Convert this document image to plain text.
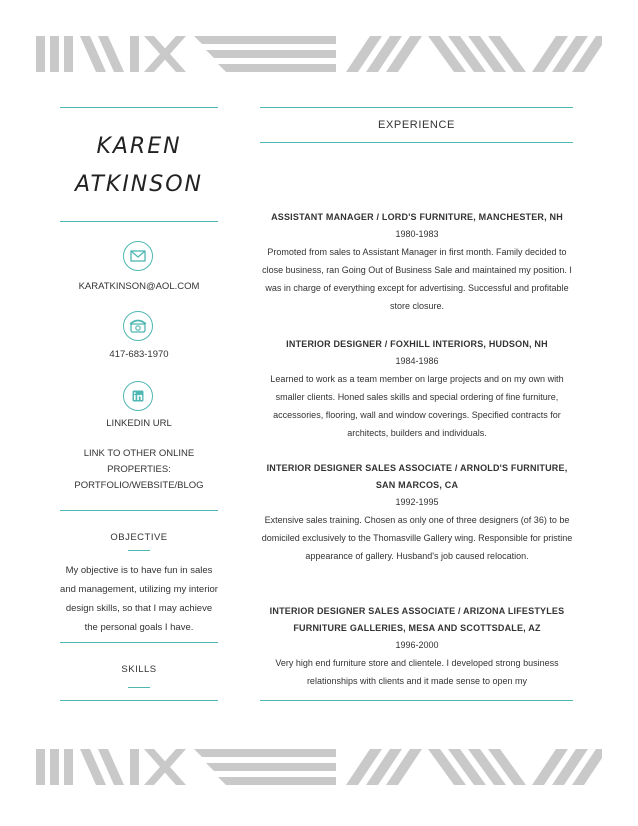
KAREN
ATKINSON
KARATKINSON@AOL.COM
417-683-1970
LINKEDIN URL
LINK TO OTHER ONLINE PROPERTIES: PORTFOLIO/WEBSITE/BLOG
OBJECTIVE
My objective is to have fun in sales and management, utilizing my interior design skills, so that I may achieve the personal goals I have.
SKILLS
EXPERIENCE
ASSISTANT MANAGER / LORD'S FURNITURE, MANCHESTER, NH
1980-1983
Promoted from sales to Assistant Manager in first month. Family decided to close business, ran Going Out of Business Sale and maintained my position. I was in charge of everything except for advertising. Successful and profitable store closure.
INTERIOR DESIGNER / FOXHILL INTERIORS, HUDSON, NH
1984-1986
Learned to work as a team member on large projects and on my own with smaller clients. Honed sales skills and special ordering of fine furniture, accessories, flooring, wall and window coverings. Specified contracts for architects, builders and individuals.
INTERIOR DESIGNER SALES ASSOCIATE / ARNOLD'S FURNITURE, SAN MARCOS, CA
1992-1995
Extensive sales training. Chosen as only one of three designers (of 36) to be domiciled exclusively to the Thomasville Gallery wing. Responsible for pristine appearance of gallery. Husband's job caused relocation.
INTERIOR DESIGNER SALES ASSOCIATE / ARIZONA LIFESTYLES FURNITURE GALLERIES, MESA AND SCOTTSDALE, AZ
1996-2000
Very high end furniture store and clientele. I developed strong business relationships with clients and it made sense to open my
